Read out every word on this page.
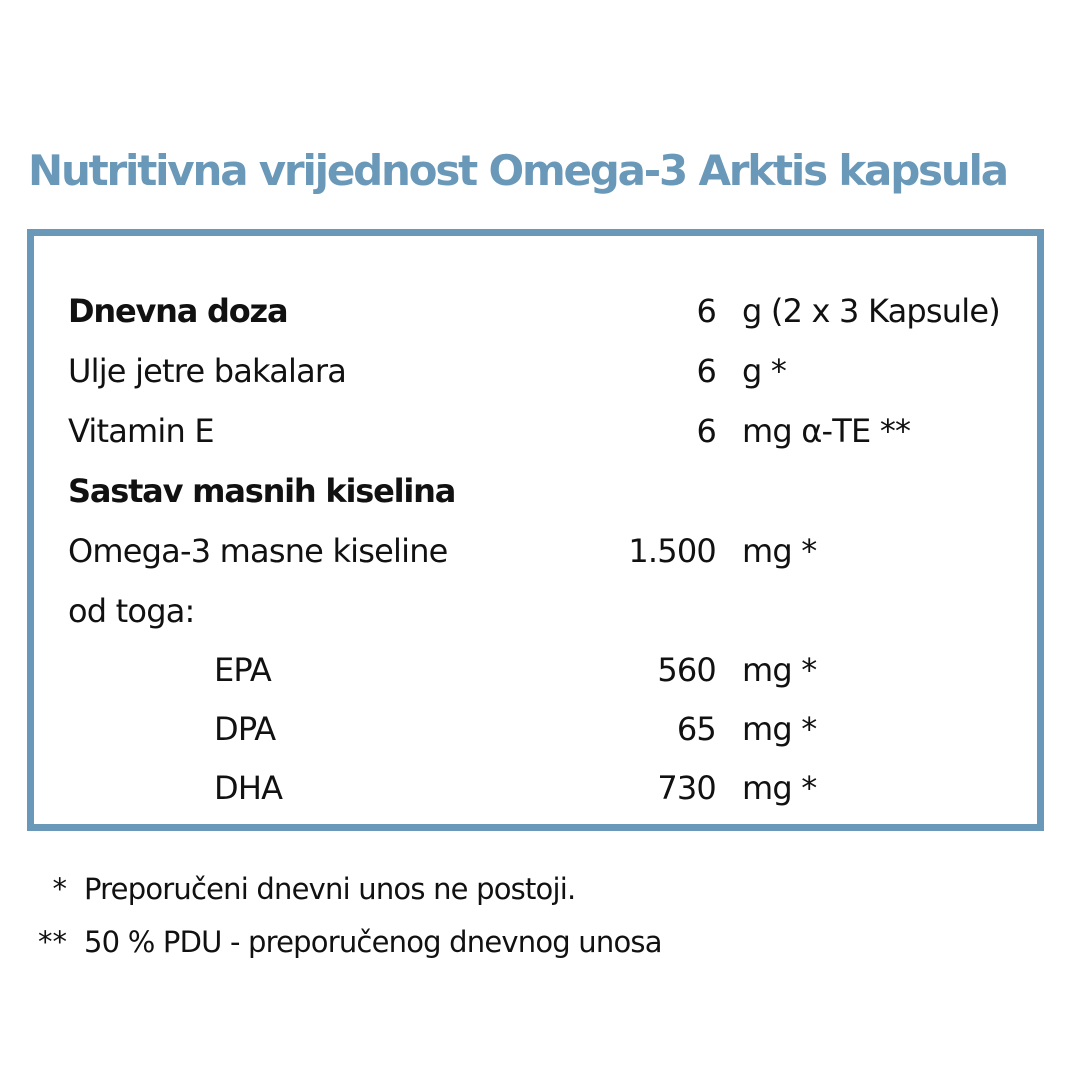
Nutritivna vrijednost Omega-3 Arktis kapsula
Dnevna doza	6 g (2 x 3 Kapsule)
Ulje jetre bakalara	6 g *
Vitamin E	6 mg α-TE **
Sastav masnih kiselina
Omega-3 masne kiseline	1.500 mg *
od toga:
EPA	560 mg *
DPA	65 mg *
DHA	730 mg *
* Preporučeni dnevni unos ne postoji.
** 50 % PDU - preporučenog dnevnog unosa
